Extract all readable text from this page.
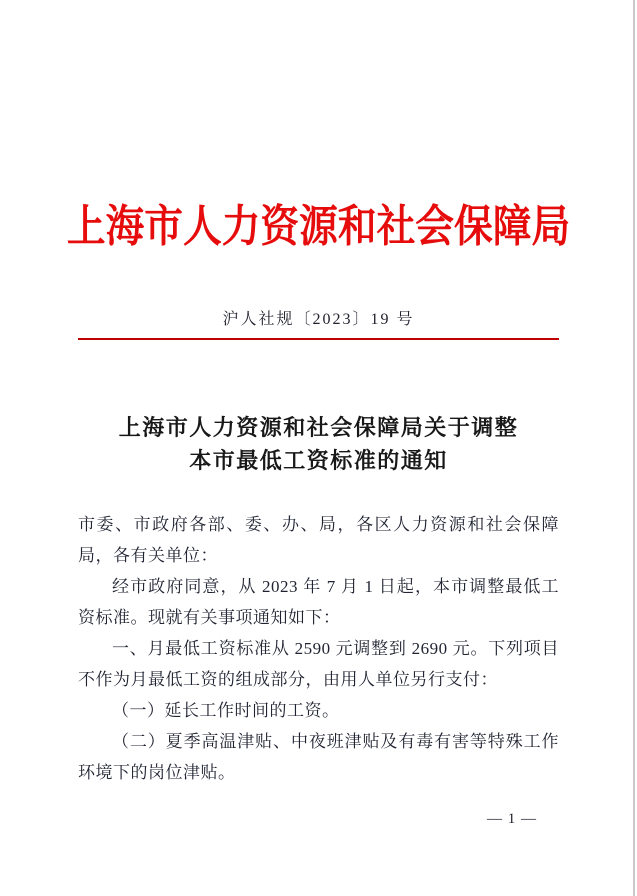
上海市人力资源和社会保障局
沪人社规〔2023〕19 号
上海市人力资源和社会保障局关于调整
本市最低工资标准的通知

市委、市政府各部、委、办、局，各区人力资源和社会保障局，各有关单位：

经市政府同意，从 2023 年 7 月 1 日起，本市调整最低工资标准。现就有关事项通知如下：

一、月最低工资标准从 2590 元调整到 2690 元。下列项目不作为月最低工资的组成部分，由用人单位另行支付：

（一）延长工作时间的工资。

（二）夏季高温津贴、中夜班津贴及有毒有害等特殊工作环境下的岗位津贴。

— 1 —
